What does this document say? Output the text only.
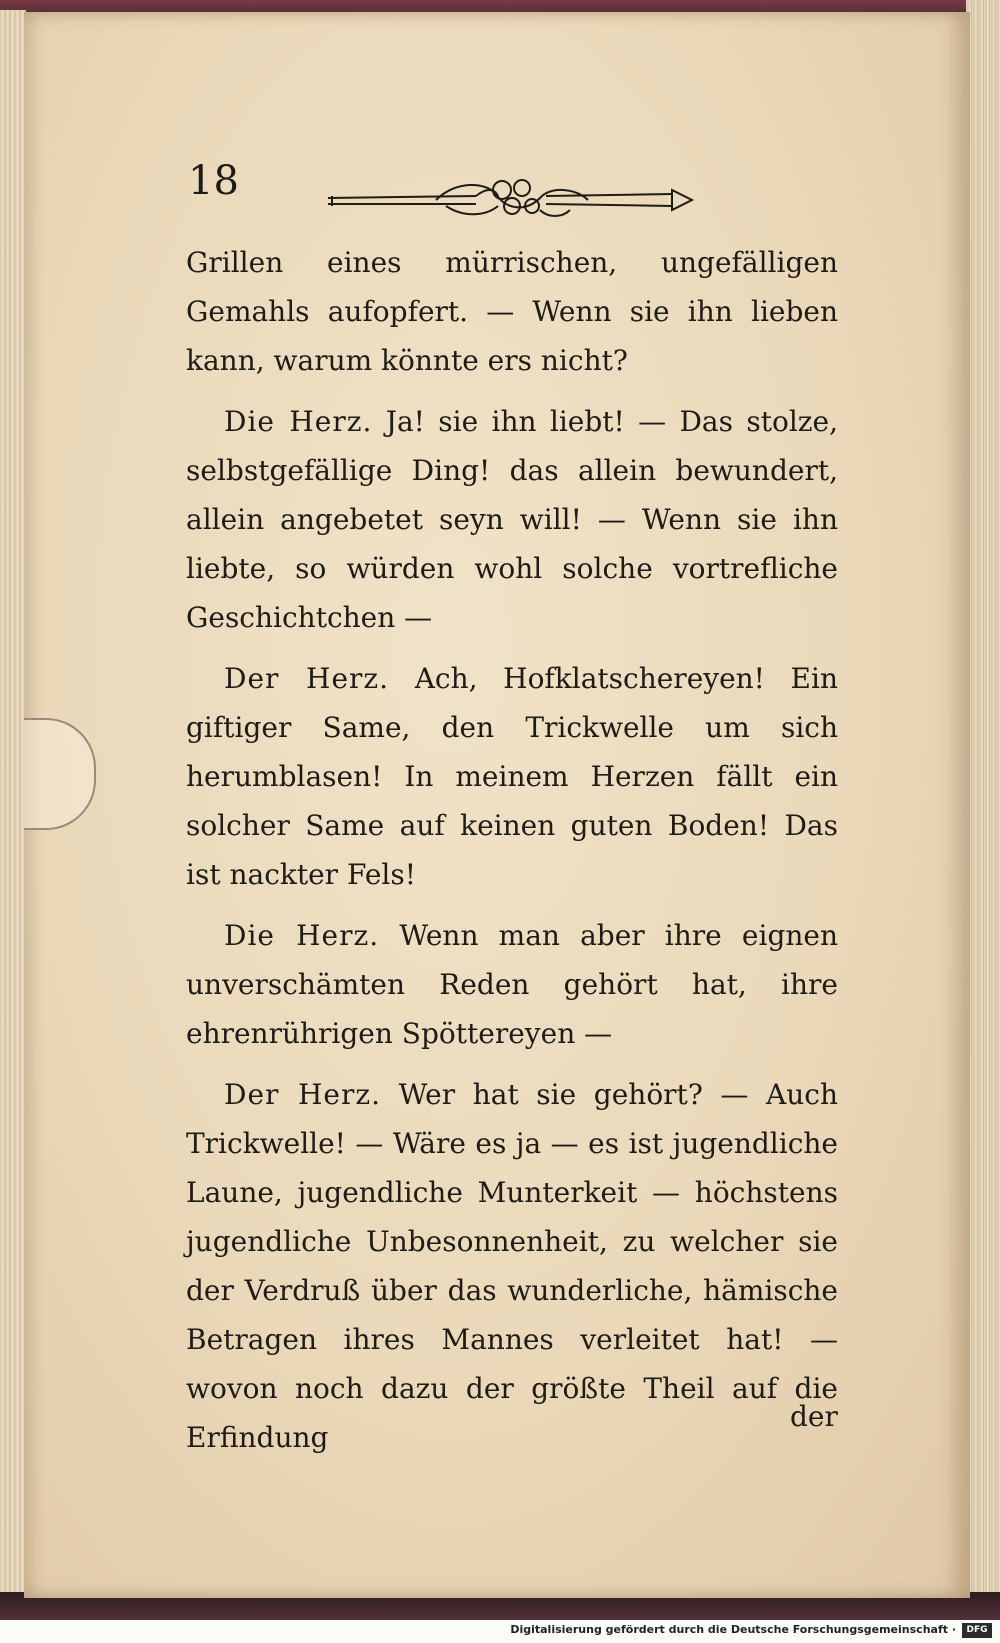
18

Grillen eines mürrischen, ungefälligen Gemahls aufopfert. — Wenn sie ihn lieben kann, warum könnte ers nicht?

Die Herz. Ja! sie ihn liebt! — Das stolze, selbstgefällige Ding! das allein bewundert, allein angebetet seyn will! — Wenn sie ihn liebte, so würden wohl solche vortrefliche Geschichtchen —

Der Herz. Ach, Hofklatschereyen! Ein giftiger Same, den Trickwelle um sich herumblasen! In meinem Herzen fällt ein solcher Same auf keinen guten Boden! Das ist nackter Fels!

Die Herz. Wenn man aber ihre eignen unverschämten Reden gehört hat, ihre ehrenrührigen Spöttereyen —

Der Herz. Wer hat sie gehört? — Auch Trickwelle! — Wäre es ja — es ist jugendliche Laune, jugendliche Munterkeit — höchstens jugendliche Unbesonnenheit, zu welcher sie der Verdruß über das wunderliche, hämische Betragen ihres Mannes verleitet hat! — wovon noch dazu der größte Theil auf die Erfindung

der
Digitalisierung gefördert durch die Deutsche Forschungsgemeinschaft ·	DFG
